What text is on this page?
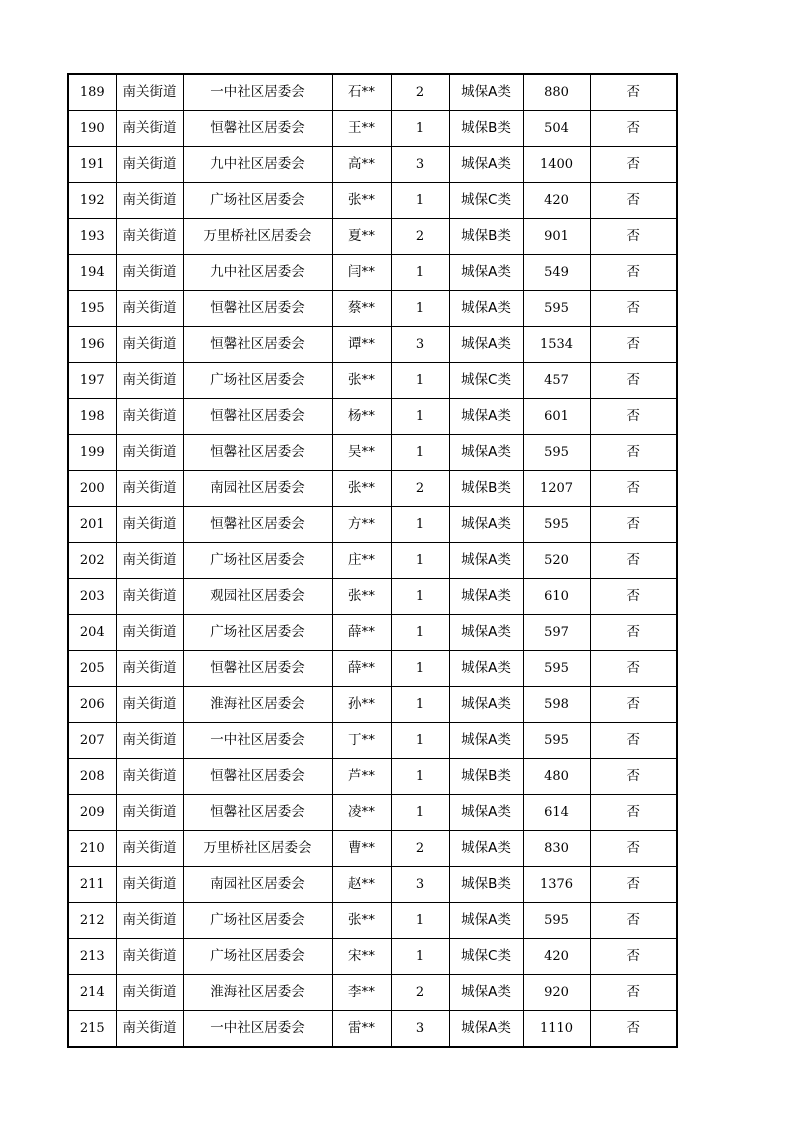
189	南关街道	一中社区居委会	石**	2	城保A类	880	否
190	南关街道	恒馨社区居委会	王**	1	城保B类	504	否
191	南关街道	九中社区居委会	高**	3	城保A类	1400	否
192	南关街道	广场社区居委会	张**	1	城保C类	420	否
193	南关街道	万里桥社区居委会	夏**	2	城保B类	901	否
194	南关街道	九中社区居委会	闫**	1	城保A类	549	否
195	南关街道	恒馨社区居委会	蔡**	1	城保A类	595	否
196	南关街道	恒馨社区居委会	谭**	3	城保A类	1534	否
197	南关街道	广场社区居委会	张**	1	城保C类	457	否
198	南关街道	恒馨社区居委会	杨**	1	城保A类	601	否
199	南关街道	恒馨社区居委会	吴**	1	城保A类	595	否
200	南关街道	南园社区居委会	张**	2	城保B类	1207	否
201	南关街道	恒馨社区居委会	方**	1	城保A类	595	否
202	南关街道	广场社区居委会	庄**	1	城保A类	520	否
203	南关街道	观园社区居委会	张**	1	城保A类	610	否
204	南关街道	广场社区居委会	薛**	1	城保A类	597	否
205	南关街道	恒馨社区居委会	薛**	1	城保A类	595	否
206	南关街道	淮海社区居委会	孙**	1	城保A类	598	否
207	南关街道	一中社区居委会	丁**	1	城保A类	595	否
208	南关街道	恒馨社区居委会	芦**	1	城保B类	480	否
209	南关街道	恒馨社区居委会	凌**	1	城保A类	614	否
210	南关街道	万里桥社区居委会	曹**	2	城保A类	830	否
211	南关街道	南园社区居委会	赵**	3	城保B类	1376	否
212	南关街道	广场社区居委会	张**	1	城保A类	595	否
213	南关街道	广场社区居委会	宋**	1	城保C类	420	否
214	南关街道	淮海社区居委会	李**	2	城保A类	920	否
215	南关街道	一中社区居委会	雷**	3	城保A类	1110	否
